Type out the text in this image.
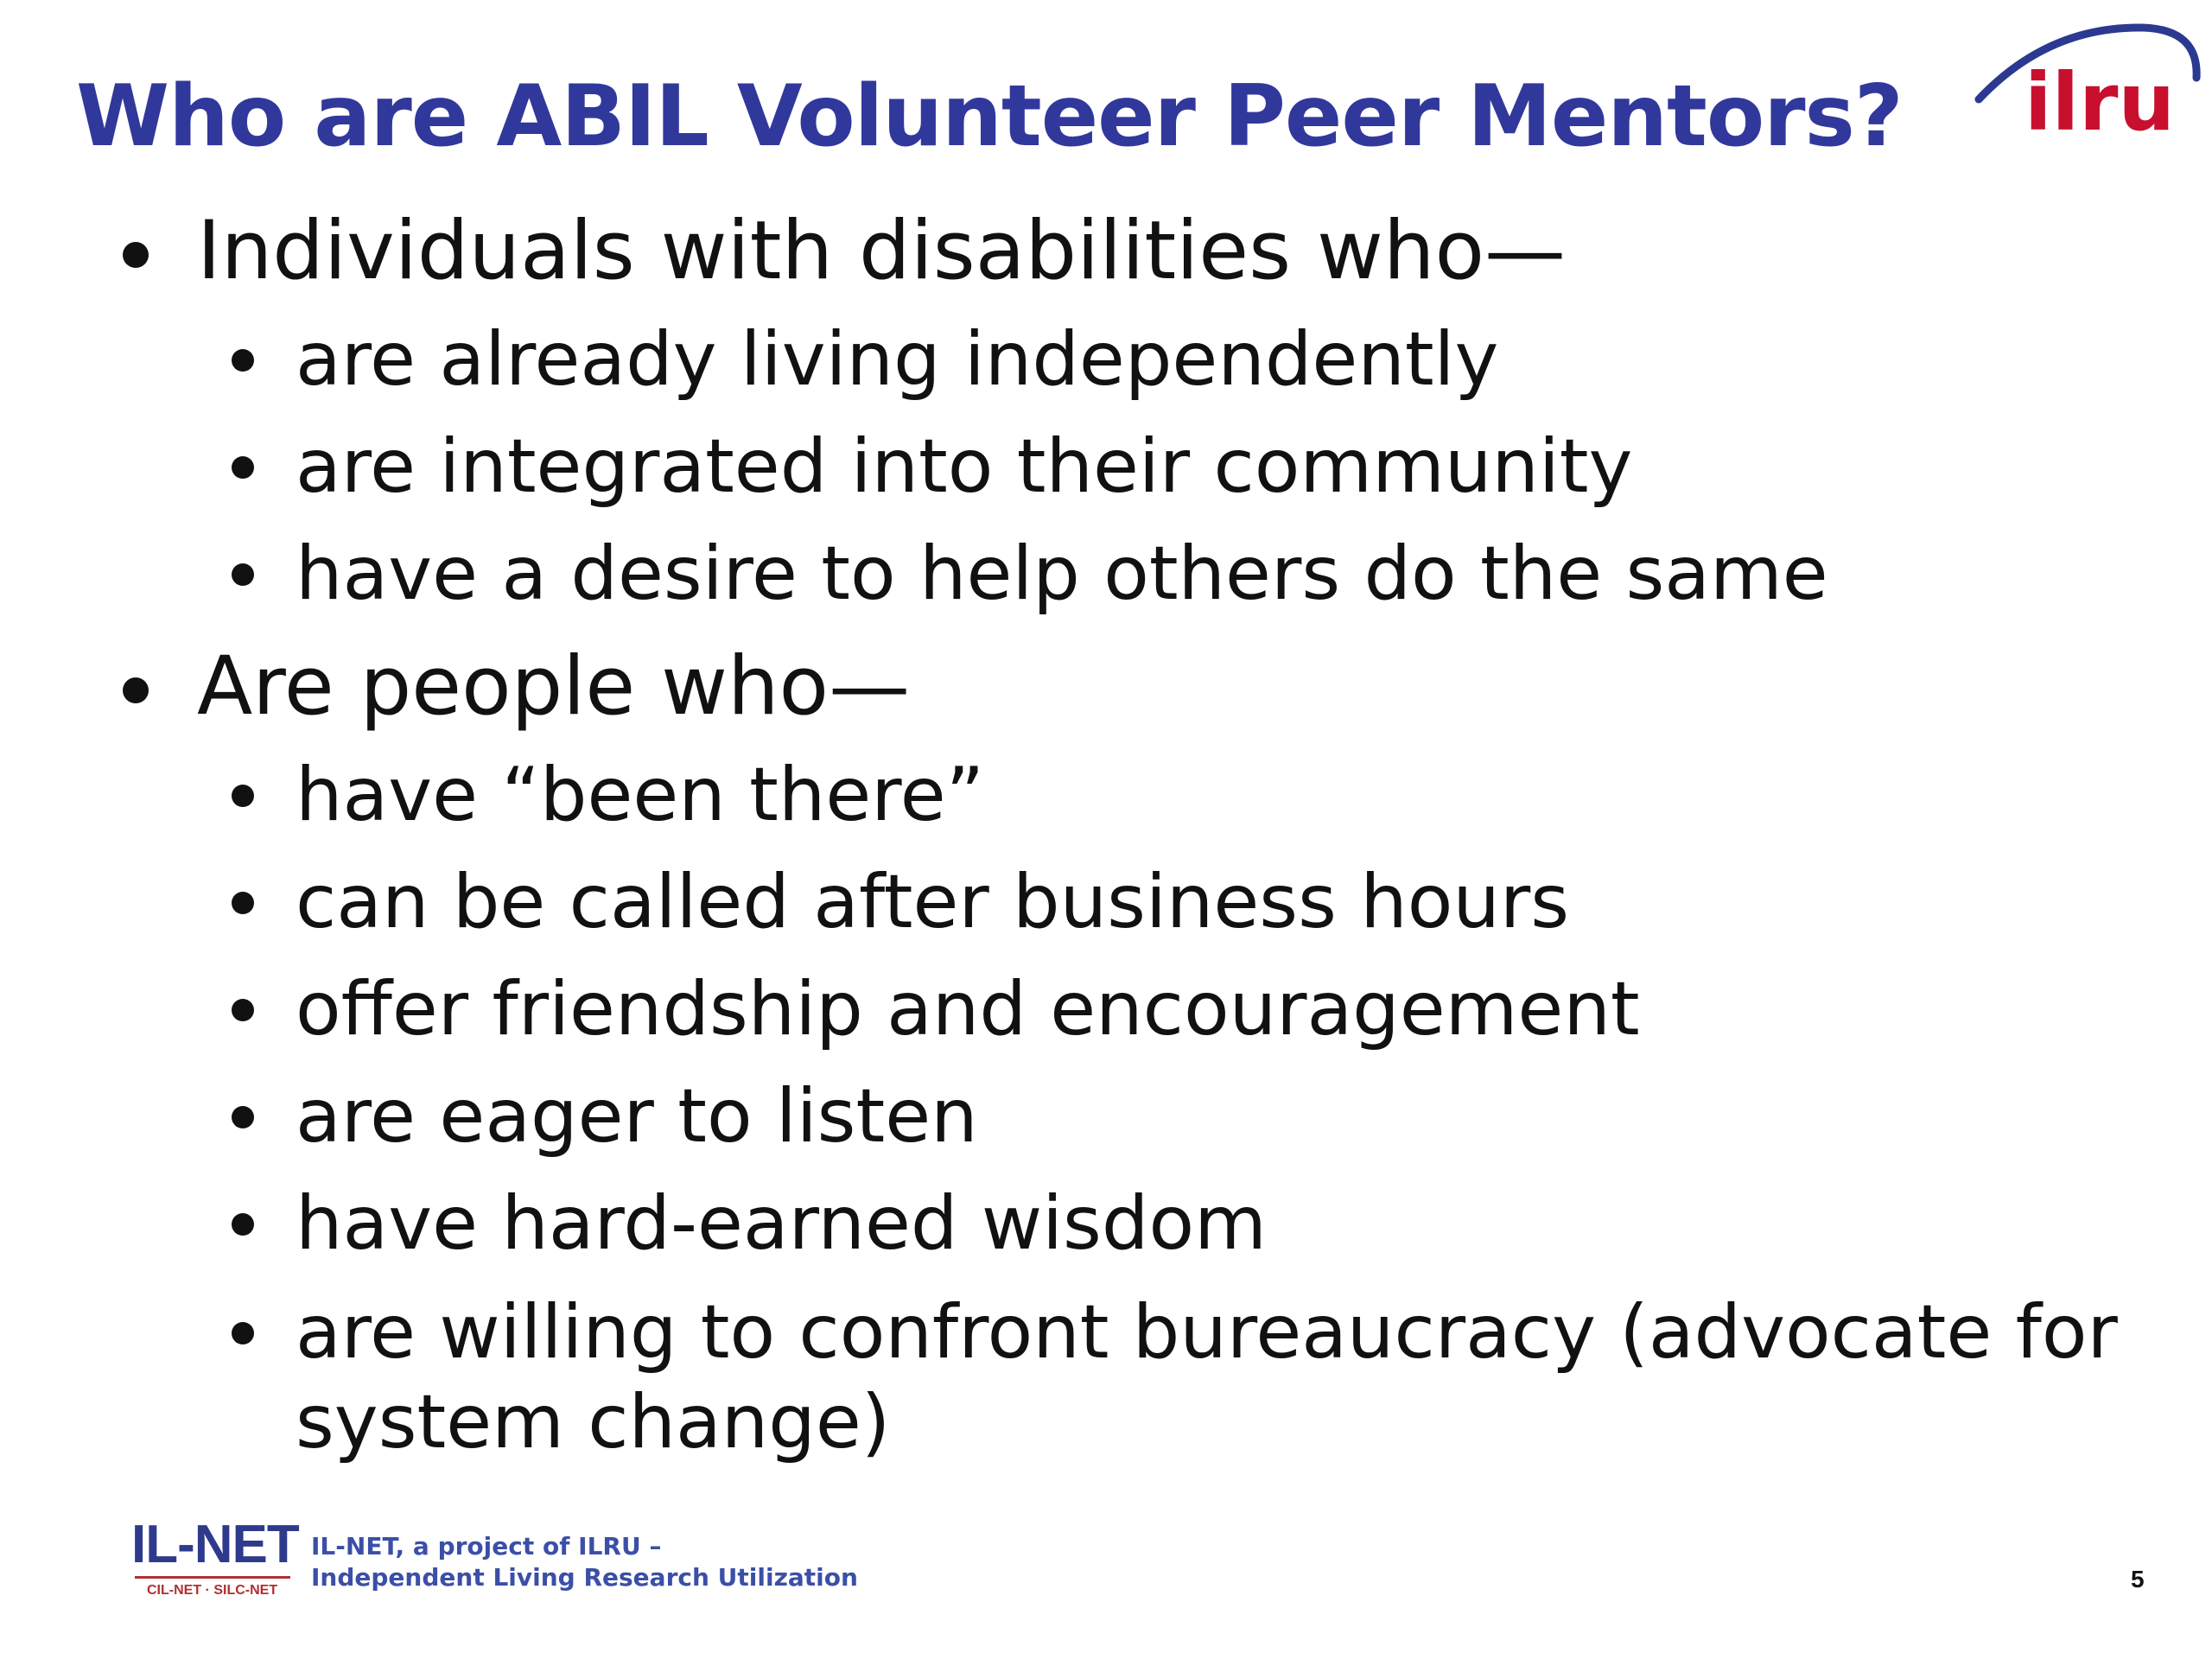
Who are ABIL Volunteer Peer Mentors? ilru
Individuals with disabilities who—
are already living independently
are integrated into their community
have a desire to help others do the same
Are people who—
have “been there”
can be called after business hours
offer friendship and encouragement
are eager to listen
have hard-earned wisdom
are willing to confront bureaucracy (advocate for system change)
IL-NET
CIL-NET · SILC-NET
IL-NET, a project of ILRU –
Independent Living Research Utilization	5
